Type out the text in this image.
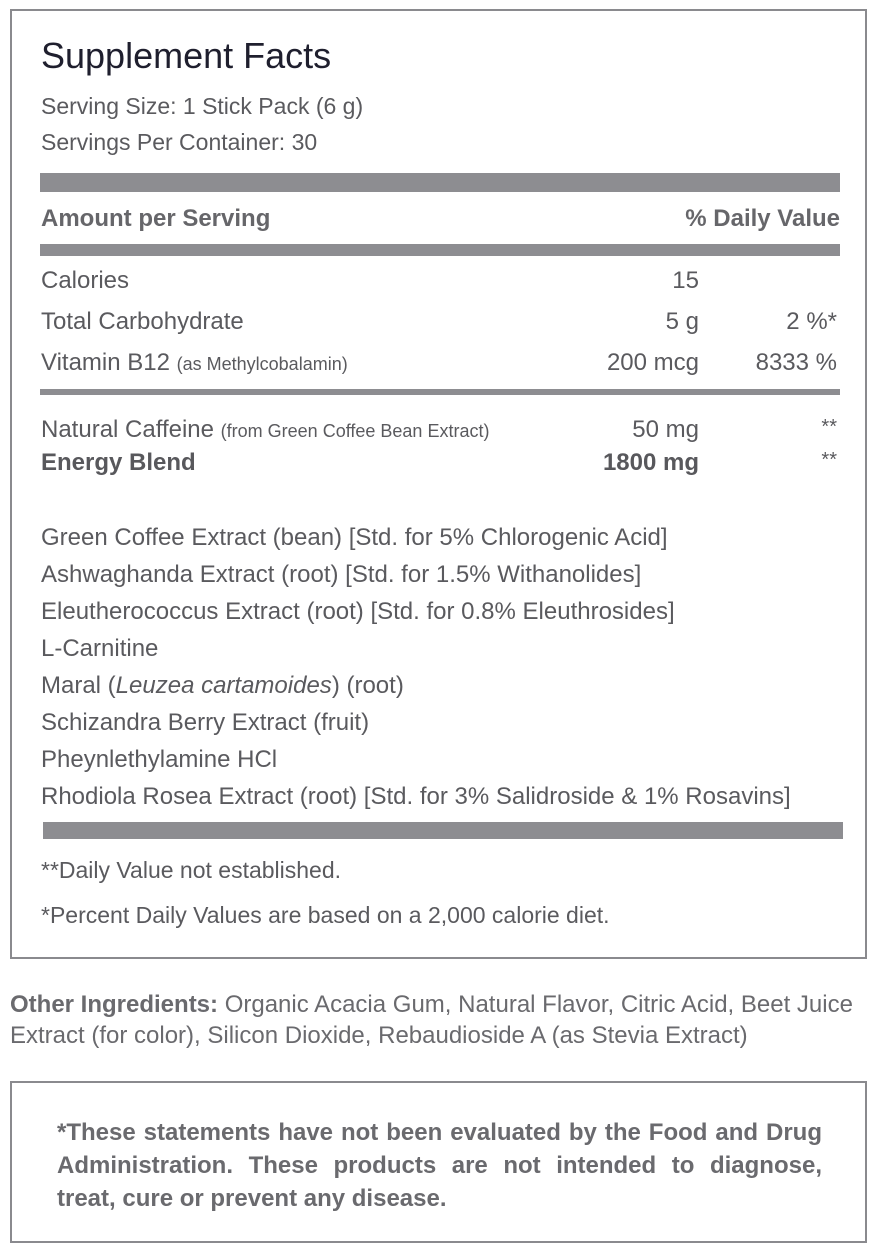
Supplement Facts
Serving Size: 1 Stick Pack (6 g)
Servings Per Container: 30
Amount per Serving	% Daily Value
Calories	15
Total Carbohydrate	5 g	2 %*
Vitamin B12 (as Methylcobalamin)	200 mcg 8333 %
Natural Caffeine (from Green Coffee Bean Extract)	50 mg	**
Energy Blend	1800 mg	**
Green Coffee Extract (bean) [Std. for 5% Chlorogenic Acid]
Ashwaghanda Extract (root) [Std. for 1.5% Withanolides]
Eleutherococcus Extract (root) [Std. for 0.8% Eleuthrosides]
L-Carnitine
Maral (Leuzea cartamoides) (root)
Schizandra Berry Extract (fruit)
Pheynlethylamine HCl
Rhodiola Rosea Extract (root) [Std. for 3% Salidroside & 1% Rosavins]
**Daily Value not established.
*Percent Daily Values are based on a 2,000 calorie diet.
Other Ingredients: Organic Acacia Gum, Natural Flavor, Citric Acid, Beet Juice Extract (for color), Silicon Dioxide, Rebaudioside A (as Stevia Extract)
*These statements have not been evaluated by the Food and Drug Administration. These products are not intended to diagnose, treat, cure or prevent any disease.
